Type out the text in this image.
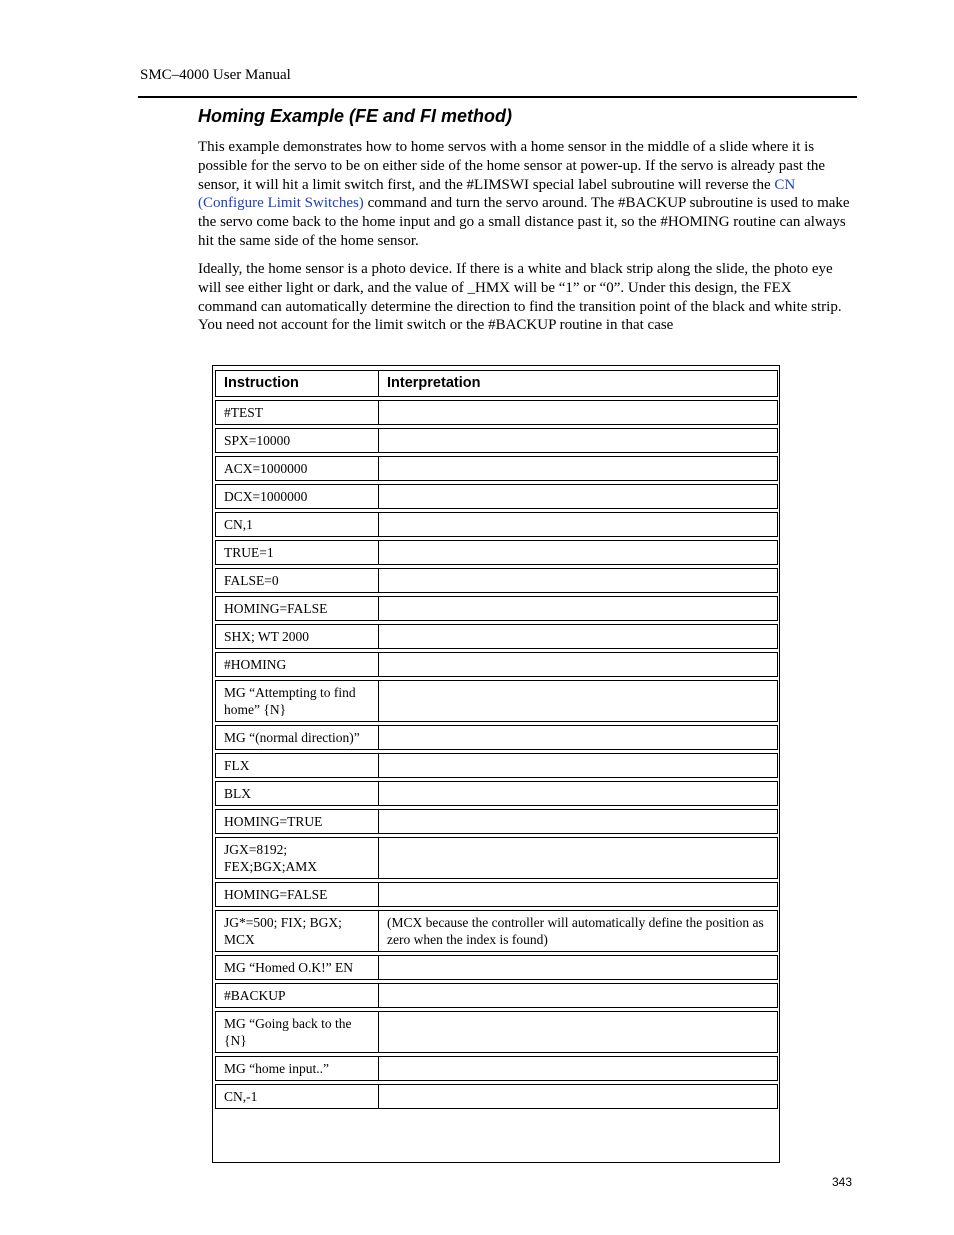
SMC–4000 User Manual
Homing Example (FE and FI method)

This example demonstrates how to home servos with a home sensor in the middle of a slide where it is possible for the servo to be on either side of the home sensor at power-up. If the servo is already past the sensor, it will hit a limit switch first, and the #LIMSWI special label subroutine will reverse the CN (Configure Limit Switches) command and turn the servo around. The #BACKUP subroutine is used to make the servo come back to the home input and go a small distance past it, so the #HOMING routine can always hit the same side of the home sensor.

Ideally, the home sensor is a photo device. If there is a white and black strip along the slide, the photo eye will see either light or dark, and the value of _HMX will be “1” or “0”. Under this design, the FEX command can automatically determine the direction to find the transition point of the black and white strip. You need not account for the limit switch or the #BACKUP routine in that case

Instruction	Interpretation
#TEST	
SPX=10000	
ACX=1000000	
DCX=1000000	
CN,1	
TRUE=1	
FALSE=0	
HOMING=FALSE	
SHX; WT 2000	
#HOMING	
MG “Attempting to find home” {N}	
MG “(normal direction)”	
FLX	
BLX	
HOMING=TRUE	
JGX=8192; FEX;BGX;AMX	
HOMING=FALSE	
JG*=500; FIX; BGX; MCX	(MCX because the controller will automatically define the position as zero when the index is found)
MG “Homed O.K!” EN	
#BACKUP	
MG “Going back to the {N}	
MG “home input..”	
CN,-1	
343
